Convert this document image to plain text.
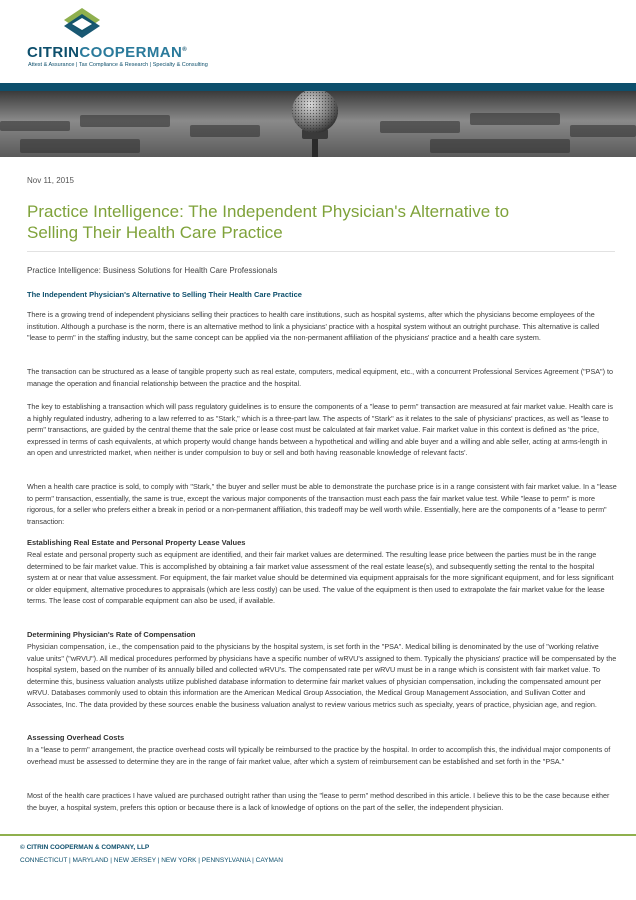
CITRINCOOPERMAN®
Attest & Assurance | Tax Compliance & Research | Specialty & Consulting
Nov 11, 2015
Practice Intelligence: The Independent Physician's Alternative to
Selling Their Health Care Practice
Practice Intelligence: Business Solutions for Health Care Professionals
The Independent Physician's Alternative to Selling Their Health Care Practice

There is a growing trend of independent physicians selling their practices to health care institutions, such as hospital systems, after which the physicians become employees of the institution. Although a purchase is the norm, there is an alternative method to link a physicians' practice with a hospital system without an outright purchase. This alternative is called "lease to perm" in the staffing industry, but the same concept can be applied via the non-permanent affiliation of the physicians' practice and a health care system.

The transaction can be structured as a lease of tangible property such as real estate, computers, medical equipment, etc., with a concurrent Professional Services Agreement ("PSA") to manage the operation and financial relationship between the practice and the hospital.

The key to establishing a transaction which will pass regulatory guidelines is to ensure the components of a "lease to perm" transaction are measured at fair market value. Health care is a highly regulated industry, adhering to a law referred to as "Stark," which is a three-part law. The aspects of "Stark" as it relates to the sale of physicians' practices, as well as "lease to perm" transactions, are guided by the central theme that the sale price or lease cost must be calculated at fair market value. Fair market value in this context is defined as 'the price, expressed in terms of cash equivalents, at which property would change hands between a hypothetical and willing and able buyer and a willing and able seller, acting at arms-length in an open and unrestricted market, when neither is under compulsion to buy or sell and both having reasonable knowledge of relevant facts'.

When a health care practice is sold, to comply with "Stark," the buyer and seller must be able to demonstrate the purchase price is in a range consistent with fair market value. In a "lease to perm" transaction, essentially, the same is true, except the various major components of the transaction must each pass the fair market value test. While "lease to perm" is more rigorous, for a seller who prefers either a break in period or a non-permanent affiliation, this tradeoff may be well worth while. Essentially, here are the components of a "lease to perm" transaction:

Establishing Real Estate and Personal Property Lease Values

Real estate and personal property such as equipment are identified, and their fair market values are determined. The resulting lease price between the parties must be in the range determined to be fair market value. This is accomplished by obtaining a fair market value assessment of the real estate lease(s), and subsequently setting the rental to the hospital system at or near that value assessment. For equipment, the fair market value should be determined via equipment appraisals for the more significant equipment, and for less significant or older equipment, alternative procedures to appraisals (which are less costly) can be used. The value of the equipment is then used to extrapolate the fair market value for the lease terms. The lease cost of comparable equipment can also be used, if available.

Determining Physician's Rate of Compensation

Physician compensation, i.e., the compensation paid to the physicians by the hospital system, is set forth in the "PSA". Medical billing is denominated by the use of "working relative value units" ("wRVU"). All medical procedures performed by physicians have a specific number of wRVU's assigned to them. Typically the physicians' practice will be compensated by the hospital system, based on the number of its annually billed and collected wRVU's. The compensated rate per wRVU must be in a range which is consistent with fair market value. To determine this, business valuation analysts utilize published database information to determine fair market values of physician compensation, including the compensated amount per wRVU. Databases commonly used to obtain this information are the American Medical Group Association, the Medical Group Management Association, and Sullivan Cotter and Associates, Inc. The data provided by these sources enable the business valuation analyst to review various metrics such as specialty, years of practice, physician age, and region.

Assessing Overhead Costs

In a "lease to perm" arrangement, the practice overhead costs will typically be reimbursed to the practice by the hospital. In order to accomplish this, the individual major components of overhead must be assessed to determine they are in the range of fair market value, after which a system of reimbursement can be established and set forth in the "PSA."

Most of the health care practices I have valued are purchased outright rather than using the "lease to perm" method described in this article. I believe this to be the case because either the buyer, a hospital system, prefers this option or because there is a lack of knowledge of options on the part of the seller, the independent physician.

© CITRIN COOPERMAN & COMPANY, LLP
CONNECTICUT | MARYLAND | NEW JERSEY | NEW YORK | PENNSYLVANIA | CAYMAN
